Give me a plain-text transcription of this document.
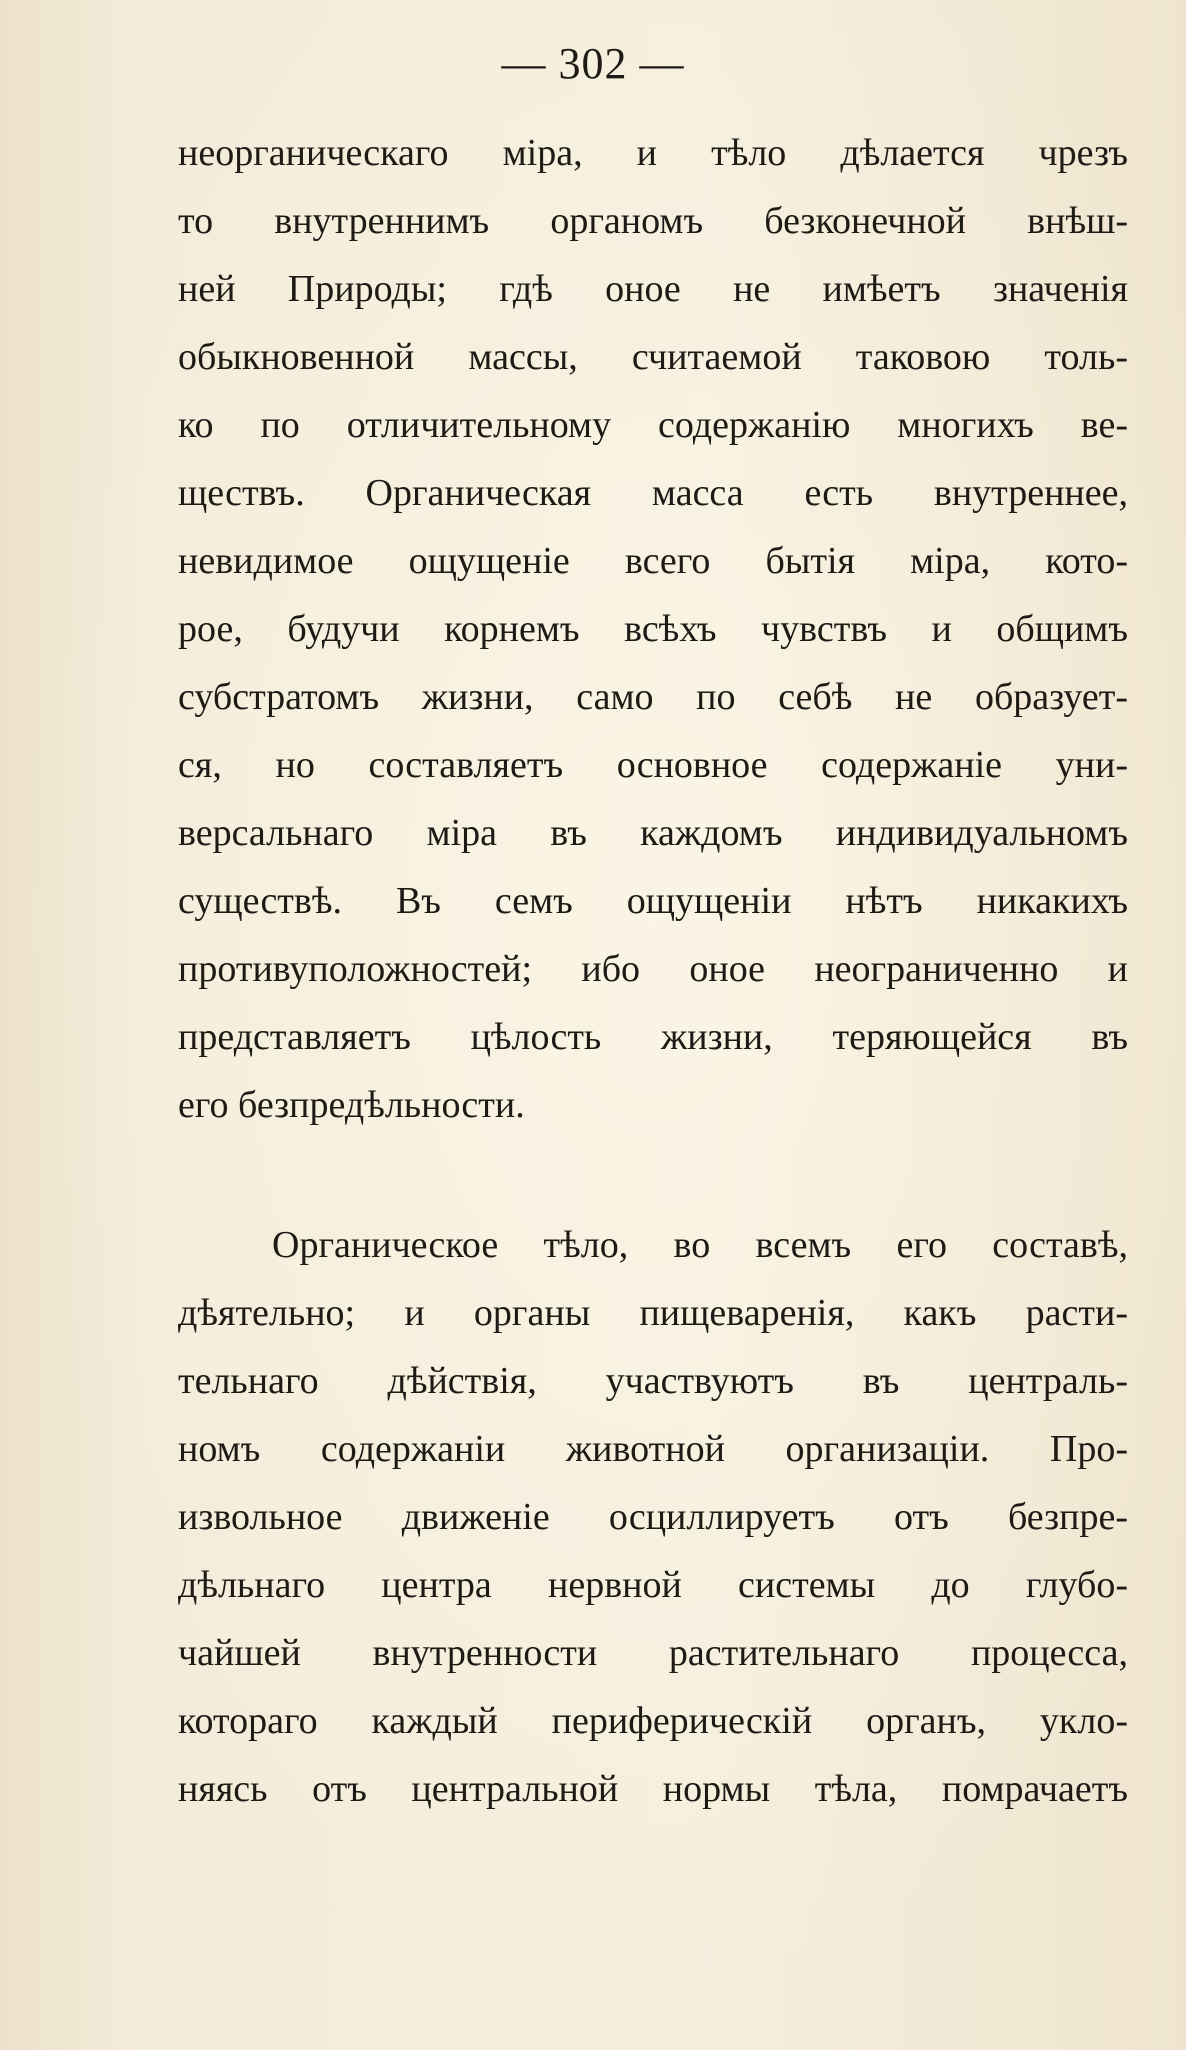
— 302 —
неорганическаго міра, и тѣло дѣлается чрезъ
то внутреннимъ органомъ безконечной внѣш-
ней Природы; гдѣ оное не имѣетъ значенія
обыкновенной массы, считаемой таковою толь-
ко по отличительному содержанію многихъ ве-
ществъ. Органическая масса есть внутреннее,
невидимое ощущеніе всего бытія міра, кото-
рое, будучи корнемъ всѣхъ чувствъ и общимъ
субстратомъ жизни, само по себѣ не образует-
ся, но составляетъ основное содержаніе уни-
версальнаго міра въ каждомъ индивидуальномъ
существѣ. Въ семъ ощущеніи нѣтъ никакихъ
противуположностей; ибо оное неограниченно и
представляетъ цѣлость жизни, теряющейся въ
его безпредѣльности.
Органическое тѣло, во всемъ его составѣ,
дѣятельно; и органы пищеваренія, какъ расти-
тельнаго дѣйствія, участвуютъ въ централь-
номъ содержаніи животной организаціи. Про-
извольное движеніе осциллируетъ отъ безпре-
дѣльнаго центра нервной системы до глубо-
чайшей внутренности растительнаго процесса,
котораго каждый периферическій органъ, укло-
няясь отъ центральной нормы тѣла, помрачаетъ
